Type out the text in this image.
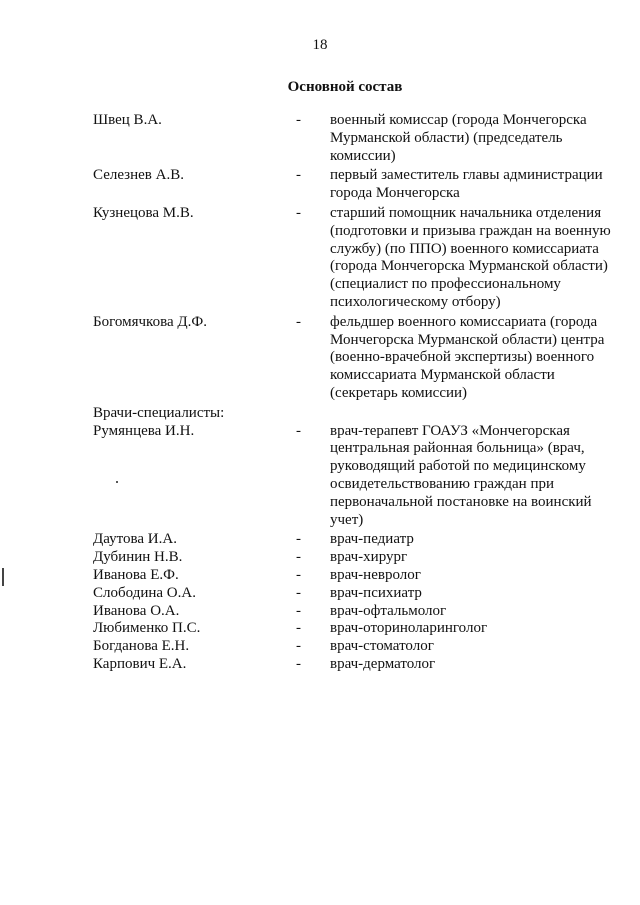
18
Основной состав
Швец В.А.	-	военный комиссар (города Мончегорска Мурманской области) (председатель комиссии)
Селезнев А.В.	-	первый заместитель главы администрации города Мончегорска
Кузнецова М.В.	-	старший помощник начальника отделения (подготовки и призыва граждан на военную службу) (по ППО) военного комиссариата (города Мончегорска Мурманской области) (специалист по профессиональному психологическому отбору)
Богомячкова Д.Ф.	-	фельдшер военного комиссариата (города Мончегорска Мурманской области) центра (военно-врачебной экспертизы) военного комиссариата Мурманской области (секретарь комиссии)
Врачи-специалисты:
Румянцева И.Н.	-	врач-терапевт ГОАУЗ «Мончегорская центральная районная больница» (врач, руководящий работой по медицинскому освидетельствованию граждан при первоначальной постановке на воинский учет)
Даутова И.А.	-	врач-педиатр
Дубинин Н.В.	-	врач-хирург
Иванова Е.Ф.	-	врач-невролог
Слободина О.А.	-	врач-психиатр
Иванова О.А.	-	врач-офтальмолог
Любименко П.С.	-	врач-оториноларинголог
Богданова Е.Н.	-	врач-стоматолог
Карпович Е.А.	-	врач-дерматолог
